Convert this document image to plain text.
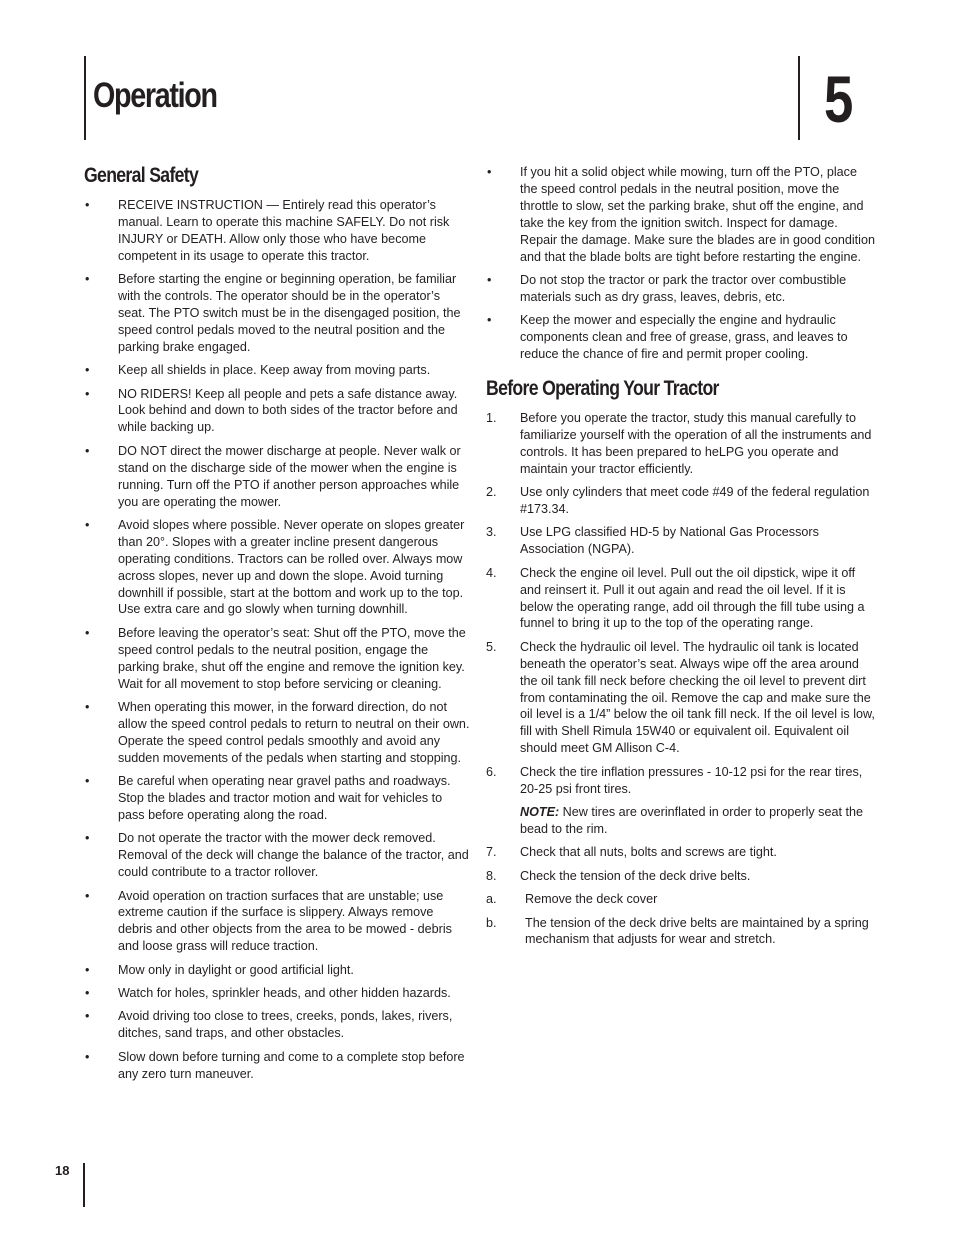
Operation	5
General Safety
• RECEIVE INSTRUCTION — Entirely read this operator’s manual. Learn to operate this machine SAFELY. Do not risk INJURY or DEATH. Allow only those who have become competent in its usage to operate this tractor.
• Before starting the engine or beginning operation, be familiar with the controls. The operator should be in the operator’s seat. The PTO switch must be in the disengaged position, the speed control pedals moved to the neutral position and the parking brake engaged.
• Keep all shields in place. Keep away from moving parts.
• NO RIDERS! Keep all people and pets a safe distance away. Look behind and down to both sides of the tractor before and while backing up.
• DO NOT direct the mower discharge at people. Never walk or stand on the discharge side of the mower when the engine is running. Turn off the PTO if another person approaches while you are operating the mower.
• Avoid slopes where possible. Never operate on slopes greater than 20°. Slopes with a greater incline present dangerous operating conditions. Tractors can be rolled over. Always mow across slopes, never up and down the slope. Avoid turning downhill if possible, start at the bottom and work up to the top. Use extra care and go slowly when turning downhill.
• Before leaving the operator’s seat: Shut off the PTO, move the speed control pedals to the neutral position, engage the parking brake, shut off the engine and remove the ignition key. Wait for all movement to stop before servicing or cleaning.
• When operating this mower, in the forward direction, do not allow the speed control pedals to return to neutral on their own. Operate the speed control pedals smoothly and avoid any sudden movements of the pedals when starting and stopping.
• Be careful when operating near gravel paths and roadways. Stop the blades and tractor motion and wait for vehicles to pass before operating along the road.
• Do not operate the tractor with the mower deck removed. Removal of the deck will change the balance of the tractor, and could contribute to a tractor rollover.
• Avoid operation on traction surfaces that are unstable; use extreme caution if the surface is slippery. Always remove debris and other objects from the area to be mowed - debris and loose grass will reduce traction.
• Mow only in daylight or good artificial light.
• Watch for holes, sprinkler heads, and other hidden hazards.
• Avoid driving too close to trees, creeks, ponds, lakes, rivers, ditches, sand traps, and other obstacles.
• Slow down before turning and come to a complete stop before any zero turn maneuver.
• If you hit a solid object while mowing, turn off the PTO, place the speed control pedals in the neutral position, move the throttle to slow, set the parking brake, shut off the engine, and take the key from the ignition switch. Inspect for damage. Repair the damage. Make sure the blades are in good condition and that the blade bolts are tight before restarting the engine.
• Do not stop the tractor or park the tractor over combustible materials such as dry grass, leaves, debris, etc.
• Keep the mower and especially the engine and hydraulic components clean and free of grease, grass, and leaves to reduce the chance of fire and permit proper cooling.
Before Operating Your Tractor
1. Before you operate the tractor, study this manual carefully to familiarize yourself with the operation of all the instruments and controls. It has been prepared to heLPG you operate and maintain your tractor efficiently.
2. Use only cylinders that meet code #49 of the federal regulation #173.34.
3. Use LPG classified HD-5 by National Gas Processors Association (NGPA).
4. Check the engine oil level. Pull out the oil dipstick, wipe it off and reinsert it. Pull it out again and read the oil level. If it is below the operating range, add oil through the fill tube using a funnel to bring it up to the top of the operating range.
5. Check the hydraulic oil level. The hydraulic oil tank is located beneath the operator’s seat. Always wipe off the area around the oil tank fill neck before checking the oil level to prevent dirt from contaminating the oil. Remove the cap and make sure the oil level is a 1/4” below the oil tank fill neck. If the oil level is low, fill with Shell Rimula 15W40 or equivalent oil. Equivalent oil should meet GM Allison C-4.
6. Check the tire inflation pressures - 10-12 psi for the rear tires, 20-25 psi front tires.

NOTE: New tires are overinflated in order to properly seat the bead to the rim.

7. Check that all nuts, bolts and screws are tight.
8. Check the tension of the deck drive belts.
a. Remove the deck cover
b. The tension of the deck drive belts are maintained by a spring mechanism that adjusts for wear and stretch.
18
